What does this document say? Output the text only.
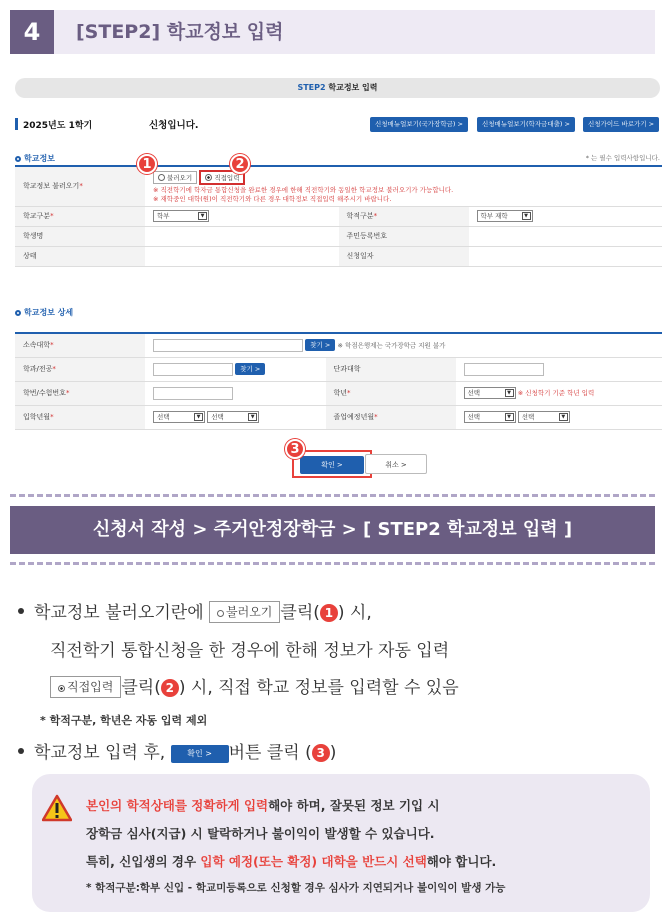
4	[STEP2] 학교정보 입력
STEP2 학교정보 입력
2025년도 1학기	신청입니다.	신청매뉴얼보기(국가장학금) >	신청매뉴얼보기(학자금대출) >	신청가이드 바로가기 >
학교정보	* 는 필수 입력사항입니다.
학교정보 불러오기*	불러오기 직접입력
※ 직전학기에 학자금 통합신청을 완료한 경우에 한해 직전학기와 동일한 학교정보 불러오기가 가능합니다.
※ 재학중인 대학(원)이 직전학기와 다른 경우 대학정보 직접입력 해주시기 바랍니다.		

학교구분*	학부 ▼	학적구분*	학부 재학 ▼

학생명		주민등록번호	
상태		신청일자	
1	2
학교정보 상세
소속대학*	찾기 > ※ 학점은행제는 국가장학금 지원 불가		
학과/전공*	찾기 >	단과대학	
학번/수험번호*		학년*	선택 ▼ ※ 신청학기 기준 학년 입력
입학년월*	선택 ▼ 선택 ▼	졸업예정년월*	선택 ▼ 선택 ▼
확인 >
3
취소 >
신청서 작성 > 주거안정장학금 > [ STEP2 학교정보 입력 ]
학교정보 불러오기란에 불러오기 클릭( 1 ) 시,
직전학기 통합신청을 한 경우에 한해 정보가 자동 입력
직접입력 클릭( 2 ) 시, 직접 학교 정보를 입력할 수 있음
* 학적구분, 학년은 자동 입력 제외
학교정보 입력 후, 확인 > 버튼 클릭 ( 3 )
본인의 학적상태를 정확하게 입력해야 하며, 잘못된 정보 기입 시
장학금 심사(지급) 시 탈락하거나 불이익이 발생할 수 있습니다.
특히, 신입생의 경우 입학 예정(또는 확정) 대학을 반드시 선택해야 합니다.
* 학적구분:학부 신입 - 학교미등록으로 신청할 경우 심사가 지연되거나 불이익이 발생 가능
